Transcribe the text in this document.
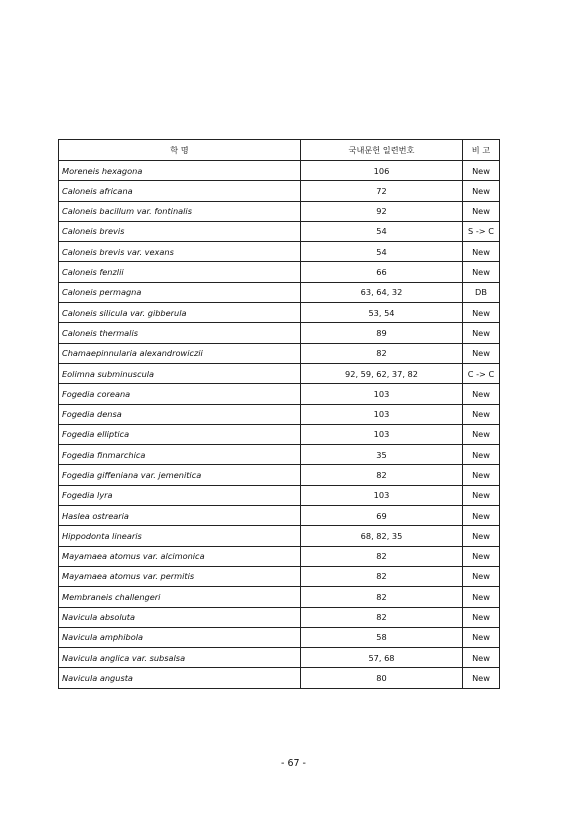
학 명	국내문헌 일련번호	비 고
Moreneis hexagona	106	New
Caloneis africana	72	New
Caloneis bacillum var. fontinalis	92	New
Caloneis brevis	54	S -> C
Caloneis brevis var. vexans	54	New
Caloneis fenzlii	66	New
Caloneis permagna	63, 64, 32	DB
Caloneis silicula var. gibberula	53, 54	New
Caloneis thermalis	89	New
Chamaepinnularia alexandrowiczii	82	New
Eolimna subminuscula	92, 59, 62, 37, 82	C -> C
Fogedia coreana	103	New
Fogedia densa	103	New
Fogedia elliptica	103	New
Fogedia finmarchica	35	New
Fogedia giffeniana var. jemenitica	82	New
Fogedia lyra	103	New
Haslea ostrearia	69	New
Hippodonta linearis	68, 82, 35	New
Mayamaea atomus var. alcimonica	82	New
Mayamaea atomus var. permitis	82	New
Membraneis challengeri	82	New
Navicula absoluta	82	New
Navicula amphibola	58	New
Navicula anglica var. subsalsa	57, 68	New
Navicula angusta	80	New
- 67 -
